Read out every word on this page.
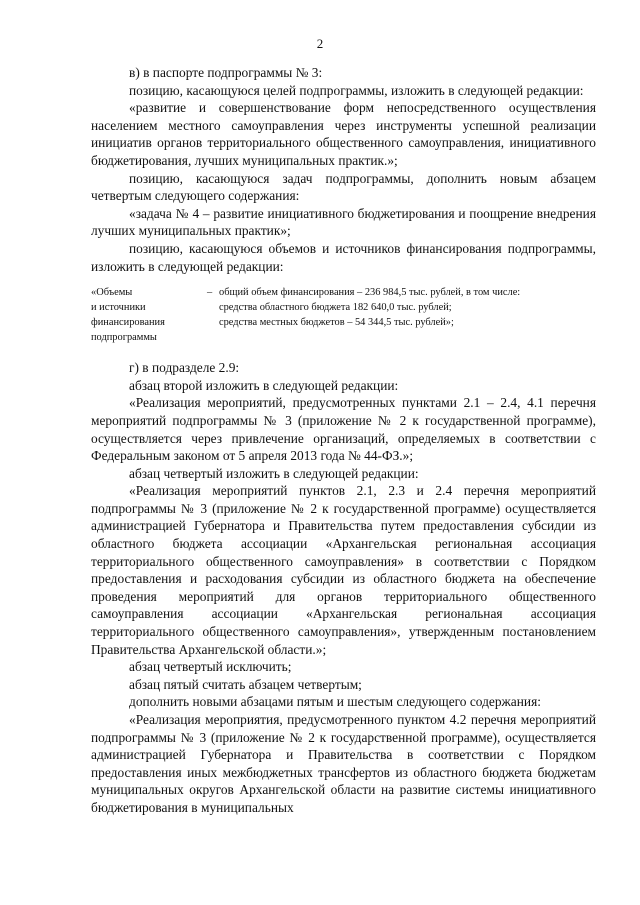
2

в) в паспорте подпрограммы № 3:

позицию, касающуюся целей подпрограммы, изложить в следующей редакции:

«развитие и совершенствование форм непосредственного осуществления населением местного самоуправления через инструменты успешной реализации инициатив органов территориального общественного самоуправления, инициативного бюджетирования, лучших муниципальных практик.»;

позицию, касающуюся задач подпрограммы, дополнить новым абзацем четвертым следующего содержания:

«задача № 4 – развитие инициативного бюджетирования и поощрение внедрения лучших муниципальных практик»;

позицию, касающуюся объемов и источников финансирования подпрограммы, изложить в следующей редакции:

«Объемы
и источники
финансирования
подпрограммы
– общий объем финансирования – 236 984,5 тыс. рублей, в том числе:
средства областного бюджета 182 640,0 тыс. рублей;
средства местных бюджетов – 54 344,5 тыс. рублей»;

г) в подразделе 2.9:

абзац второй изложить в следующей редакции:

«Реализация мероприятий, предусмотренных пунктами 2.1 – 2.4, 4.1 перечня мероприятий подпрограммы № 3 (приложение № 2 к государственной программе), осуществляется через привлечение организаций, определяемых в соответствии с Федеральным законом от 5 апреля 2013 года № 44-ФЗ.»;

абзац четвертый изложить в следующей редакции:

«Реализация мероприятий пунктов 2.1, 2.3 и 2.4 перечня мероприятий подпрограммы № 3 (приложение № 2 к государственной программе) осуществляется администрацией Губернатора и Правительства путем предоставления субсидии из областного бюджета ассоциации «Архангельская региональная ассоциация территориального общественного самоуправления» в соответствии с Порядком предоставления и расходования субсидии из областного бюджета на обеспечение проведения мероприятий для органов территориального общественного самоуправления ассоциации «Архангельская региональная ассоциация территориального общественного самоуправления», утвержденным постановлением Правительства Архангельской области.»;

абзац четвертый исключить;

абзац пятый считать абзацем четвертым;

дополнить новыми абзацами пятым и шестым следующего содержания:

«Реализация мероприятия, предусмотренного пунктом 4.2 перечня мероприятий подпрограммы № 3 (приложение № 2 к государственной программе), осуществляется администрацией Губернатора и Правительства в соответствии с Порядком предоставления иных межбюджетных трансфертов из областного бюджета бюджетам муниципальных округов Архангельской области на развитие системы инициативного бюджетирования в муниципальных
